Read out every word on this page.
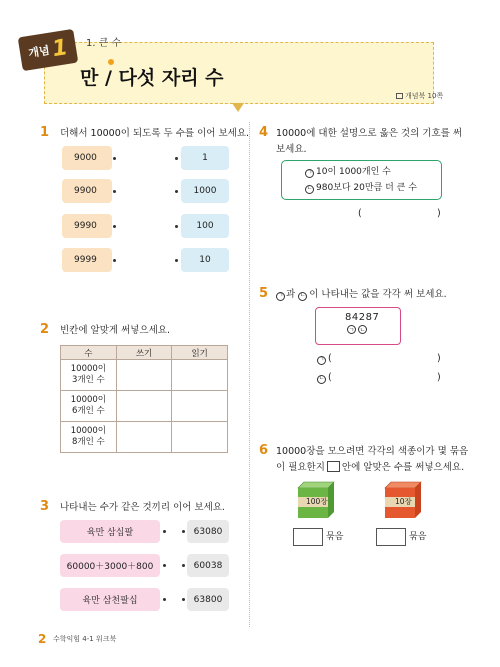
개념 1 1. 큰 수
만 / 다섯 자리 수
개념북 10쪽
1 더해서 10000이 되도록 두 수를 이어 보세요.
9000
9900
9990
9999
1
1000
100
10
2 빈칸에 알맞게 써넣으세요.
수	쓰기	읽기
10000이
3개인 수		
10000이
6개인 수		
10000이
8개인 수		
3 나타내는 수가 같은 것끼리 이어 보세요.
육만 삼십팔
60000＋3000＋800
육만 삼천팔십
63080
60038
63800
4 10000에 대한 설명으로 옳은 것의 기호를 써
보세요.
ㄱ 10이 1000개인 수
ㄴ 980보다 20만큼 더 큰 수
(	)
5 ㄱ 과 ㄴ 이 나타내는 값을 각각 써 보세요.
84287
ㄱ ㄴ
ㄱ (	)
ㄴ (	)
6 10000장을 모으려면 각각의 색종이가 몇 묶음
이 필요한지 안에 알맞은 수를 써넣으세요.
100장	10장
묶음	묶음
2 수학익힘 4-1 워크북
